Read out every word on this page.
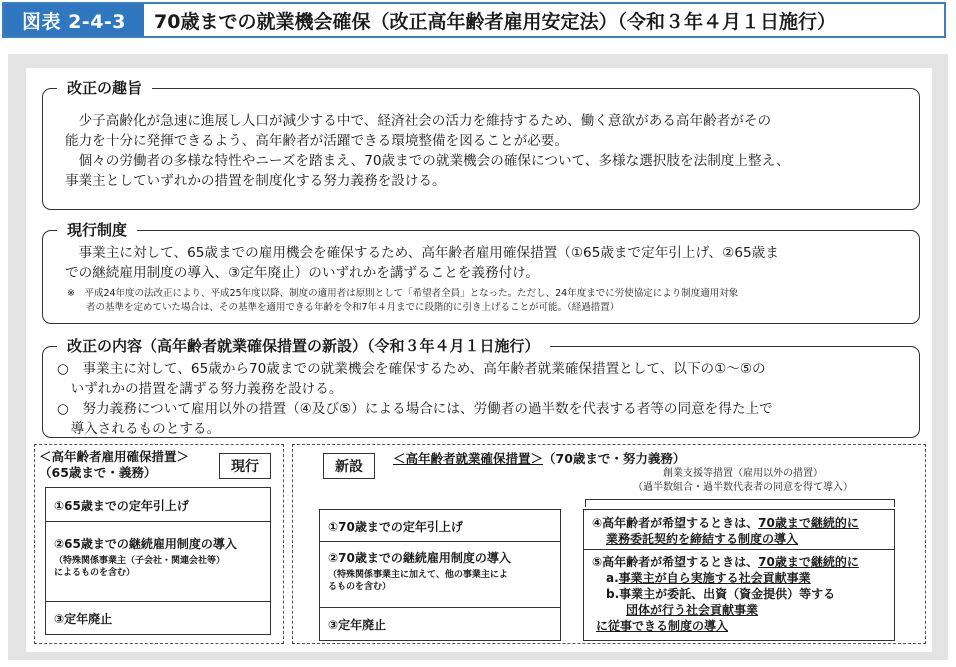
図表 2-4-3	70歳までの就業機会確保（改正高年齢者雇用安定法）（令和３年４月１日施行）
改正の趣旨
　少子高齢化が急速に進展し人口が減少する中で、経済社会の活力を維持するため、働く意欲がある高年齢者がその
能力を十分に発揮できるよう、高年齢者が活躍できる環境整備を図ることが必要。
　個々の労働者の多様な特性やニーズを踏まえ、70歳までの就業機会の確保について、多様な選択肢を法制度上整え、
事業主としていずれかの措置を制度化する努力義務を設ける。
現行制度
　事業主に対して、65歳までの雇用機会を確保するため、高年齢者雇用確保措置（①65歳まで定年引上げ、②65歳ま
での継続雇用制度の導入、③定年廃止）のいずれかを講ずることを義務付け。
※　平成24年度の法改正により、平成25年度以降、制度の適用者は原則として「希望者全員」となった。ただし、24年度までに労使協定により制度適用対象
　　者の基準を定めていた場合は、その基準を適用できる年齢を令和7年４月までに段階的に引き上げることが可能。（経過措置）
改正の内容（高年齢者就業確保措置の新設）（令和３年４月１日施行）
○　事業主に対して、65歳から70歳までの就業機会を確保するため、高年齢者就業確保措置として、以下の①～⑤の
　いずれかの措置を講ずる努力義務を設ける。
○　努力義務について雇用以外の措置（④及び⑤）による場合には、労働者の過半数を代表する者等の同意を得た上で
　導入されるものとする。
＜高年齢者雇用確保措置＞
（65歳まで・義務）	現行
①65歳までの定年引上げ
②65歳までの継続雇用制度の導入
（特殊関係事業主（子会社・関連会社等）
によるものを含む）
③定年廃止
新設
＜高年齢者就業確保措置＞（70歳まで・努力義務）
①70歳までの定年引上げ
②70歳までの継続雇用制度の導入
（特殊関係事業主に加えて、他の事業主によ
るものを含む）
③定年廃止
創業支援等措置（雇用以外の措置）
（過半数組合・過半数代表者の同意を得て導入）
④高年齢者が希望するときは、70歳まで継続的に
業務委託契約を締結する制度の導入
⑤高年齢者が希望するときは、70歳まで継続的に
a.事業主が自ら実施する社会貢献事業
b.事業主が委託、出資（資金提供）等する
団体が行う社会貢献事業
に従事できる制度の導入
